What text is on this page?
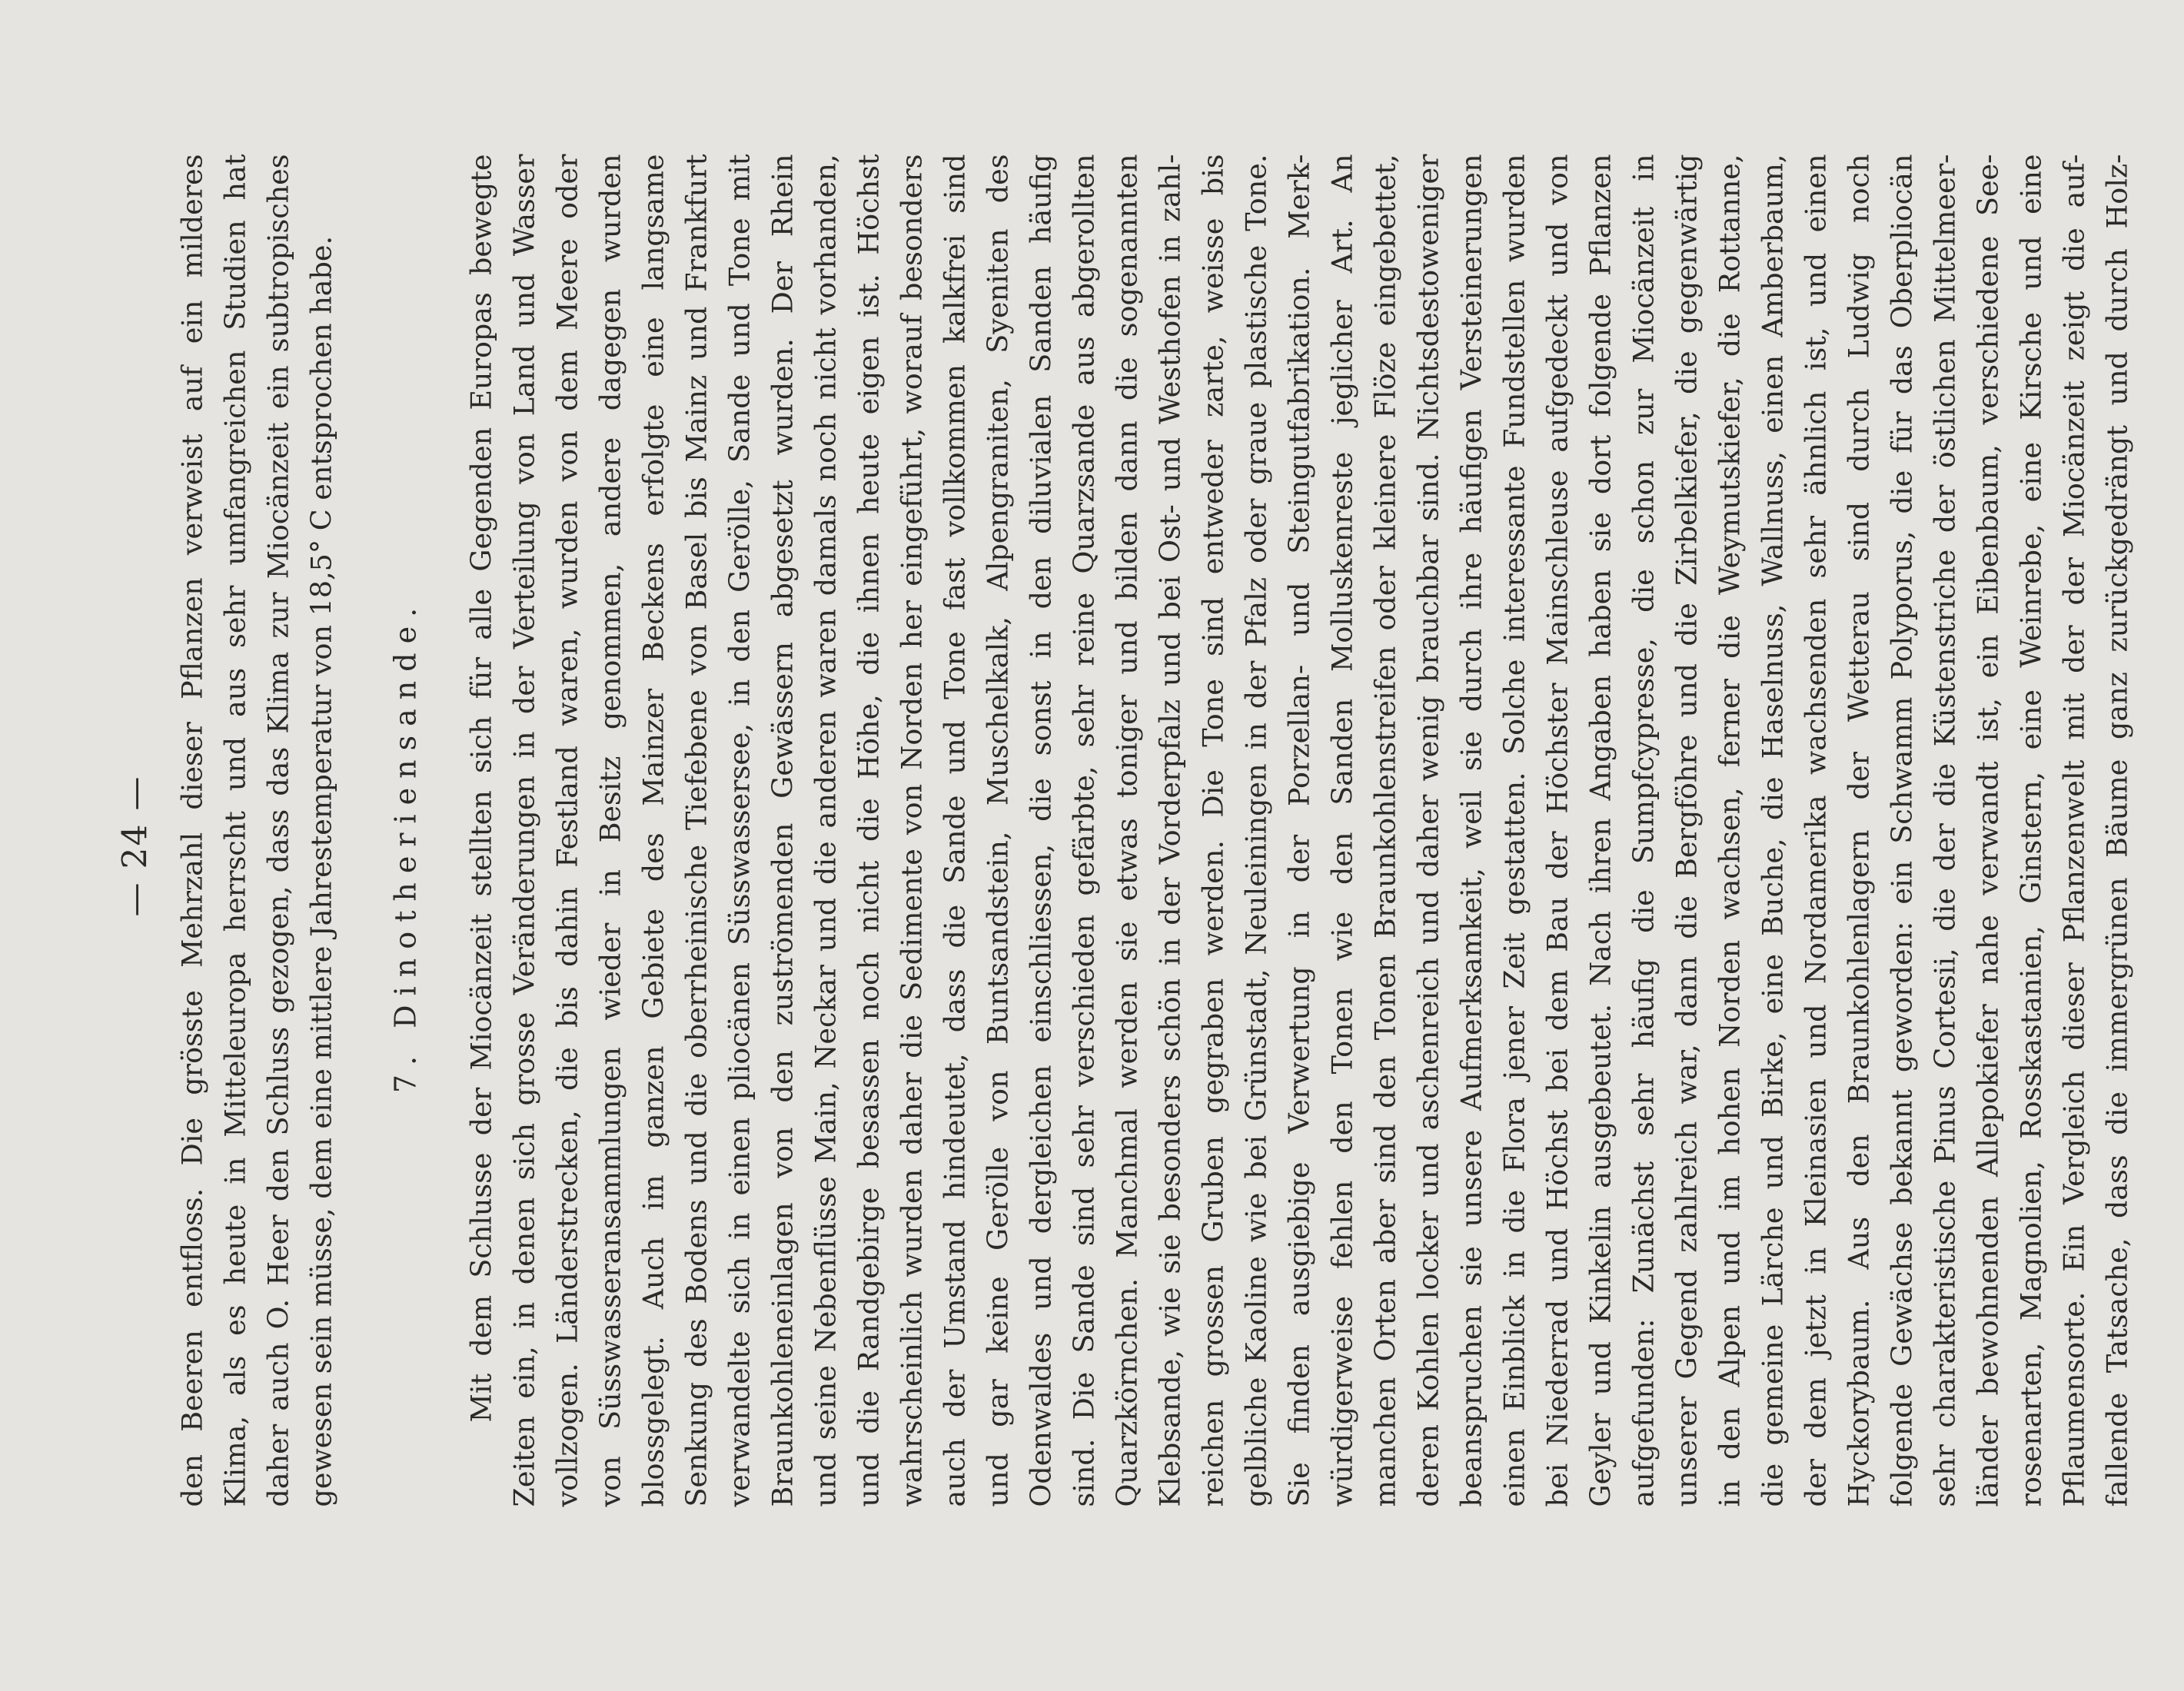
— 24 — den Beeren entfloss. Die grösste Mehrzahl dieser Pflanzen verweist auf ein milderes Klima, als es heute in Mitteleuropa herrscht und aus sehr umfangreichen Studien hat daher auch O. Heer den Schluss gezogen, dass das Klima zur Miocänzeit ein subtropisches gewesen sein müsse, dem eine mittlere Jahrestemperatur von 18,5° C entsprochen habe. 7. Dinotheriensande. Mit dem Schlusse der Miocänzeit stellten sich für alle Gegenden Europas bewegte Zeiten ein, in denen sich grosse Veränderungen in der Verteilung von Land und Wasser vollzogen. Länderstrecken, die bis dahin Festland waren, wurden von dem Meere oder von Süsswasseransammlungen wieder in Besitz genommen, andere dagegen wurden blossgelegt. Auch im ganzen Gebiete des Mainzer Beckens erfolgte eine langsame Senkung des Bodens und die oberrheinische Tiefebene von Basel bis Mainz und Frankfurt verwandelte sich in einen pliocänen Süsswassersee, in den Gerölle, Sande und Tone mit Braunkohleneinlagen von den zuströmenden Gewässern abgesetzt wurden. Der Rhein und seine Nebenflüsse Main, Neckar und die anderen waren damals noch nicht vorhanden, und die Randgebirge besassen noch nicht die Höhe, die ihnen heute eigen ist. Höchst wahrscheinlich wurden daher die Sedimente von Norden her eingeführt, worauf besonders auch der Umstand hindeutet, dass die Sande und Tone fast vollkommen kalkfrei sind und gar keine Gerölle von Buntsandstein, Muschelkalk, Alpengraniten, Syeniten des Odenwaldes und dergleichen einschliessen, die sonst in den diluvialen Sanden häufig sind. Die Sande sind sehr verschieden gefärbte, sehr reine Quarzsande aus abgerollten Quarzkörnchen. Manchmal werden sie etwas toniger und bilden dann die sogenannten Klebsande, wie sie besonders schön in der Vorderpfalz und bei Ost- und Westhofen in zahl- reichen grossen Gruben gegraben werden. Die Tone sind entweder zarte, weisse bis gelbliche Kaoline wie bei Grünstadt, Neuleiningen in der Pfalz oder graue plastische Tone. Sie finden ausgiebige Verwertung in der Porzellan- und Steingutfabrikation. Merk- würdigerweise fehlen den Tonen wie den Sanden Molluskenreste jeglicher Art. An manchen Orten aber sind den Tonen Braunkohlenstreifen oder kleinere Flöze eingebettet, deren Kohlen locker und aschenreich und daher wenig brauchbar sind. Nichtsdestoweniger beanspruchen sie unsere Aufmerksamkeit, weil sie durch ihre häufigen Versteinerungen einen Einblick in die Flora jener Zeit gestatten. Solche interessante Fundstellen wurden bei Niederrad und Höchst bei dem Bau der Höchster Mainschleuse aufgedeckt und von Geyler und Kinkelin ausgebeutet. Nach ihren Angaben haben sie dort folgende Pflanzen aufgefunden: Zunächst sehr häufig die Sumpfcypresse, die schon zur Miocänzeit in unserer Gegend zahlreich war, dann die Bergföhre und die Zirbelkiefer, die gegenwärtig in den Alpen und im hohen Norden wachsen, ferner die Weymutskiefer, die Rottanne, die gemeine Lärche und Birke, eine Buche, die Haselnuss, Wallnuss, einen Amberbaum, der dem jetzt in Kleinasien und Nordamerika wachsenden sehr ähnlich ist, und einen Hyckorybaum. Aus den Braunkohlenlagern der Wetterau sind durch Ludwig noch folgende Gewächse bekannt geworden: ein Schwamm Polyporus, die für das Oberpliocän sehr charakteristische Pinus Cortesii, die der die Küstenstriche der östlichen Mittelmeer- länder bewohnenden Allepokiefer nahe verwandt ist, ein Eibenbaum, verschiedene See- rosenarten, Magnolien, Rosskastanien, Ginstern, eine Weinrebe, eine Kirsche und eine Pflaumensorte. Ein Vergleich dieser Pflanzenwelt mit der der Miocänzeit zeigt die auf- fallende Tatsache, dass die immergrünen Bäume ganz zurückgedrängt und durch Holz-
